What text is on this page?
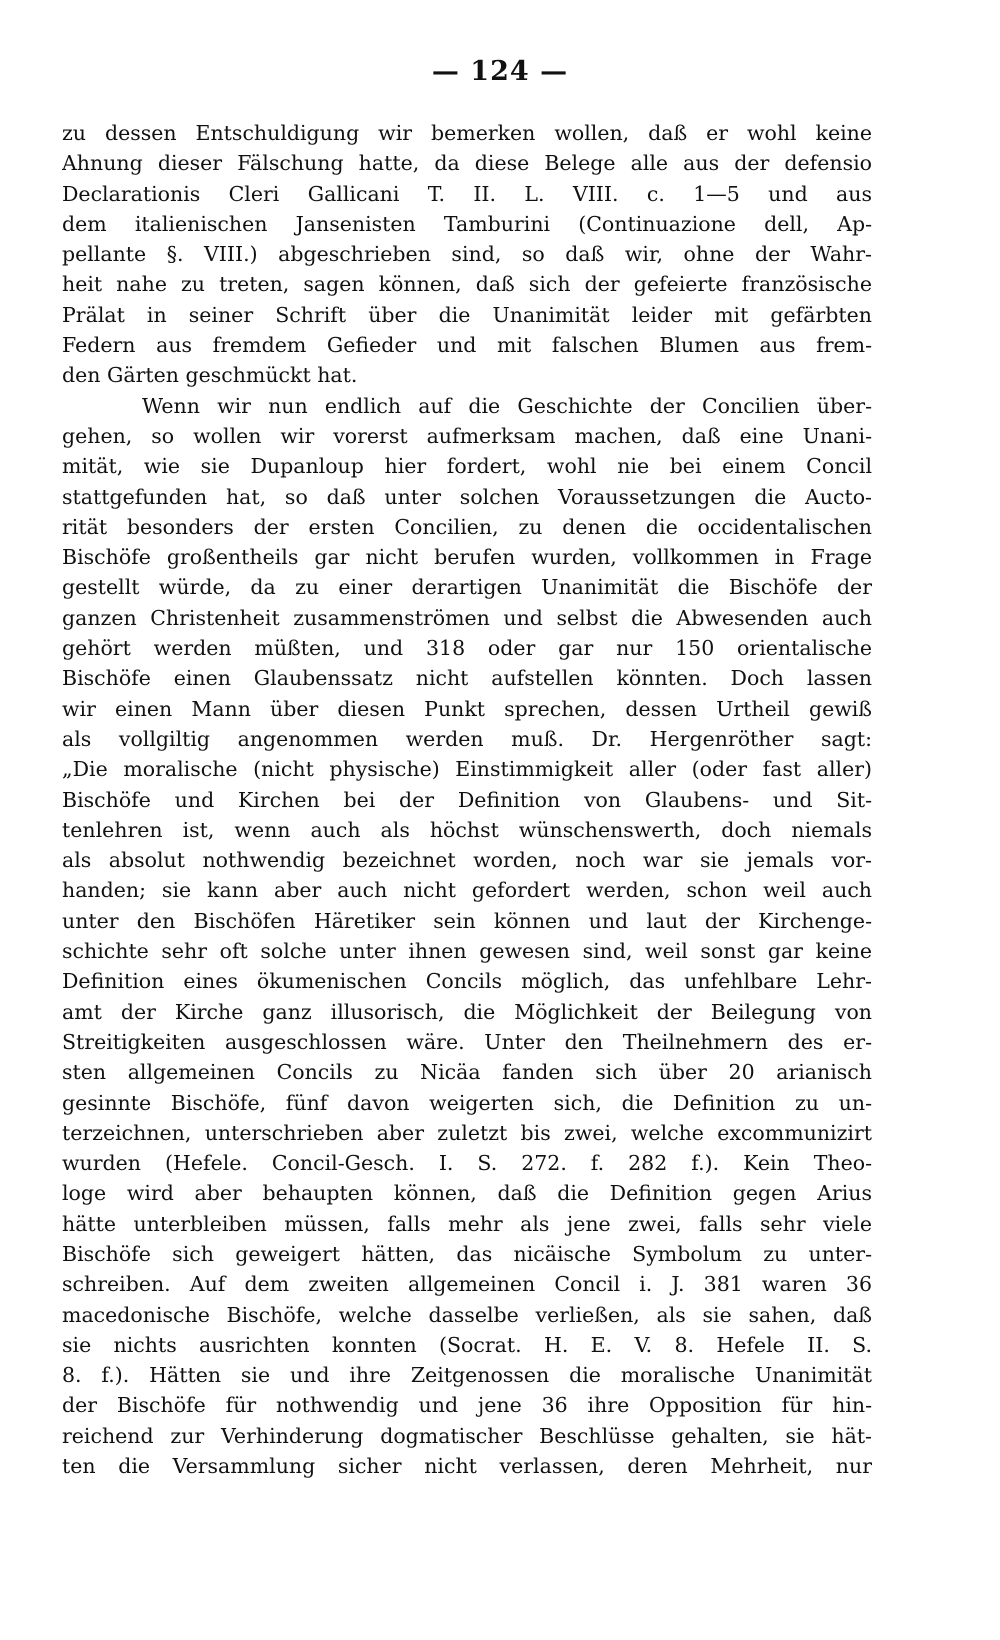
— 124 —
zu dessen Entschuldigung wir bemerken wollen, daß er wohl keine
Ahnung dieser Fälschung hatte, da diese Belege alle aus der defensio
Declarationis Cleri Gallicani T. II. L. VIII. c. 1—5 und aus
dem italienischen Jansenisten Tamburini (Continuazione dell, Ap-
pellante §. VIII.) abgeschrieben sind, so daß wir, ohne der Wahr-
heit nahe zu treten, sagen können, daß sich der gefeierte französische
Prälat in seiner Schrift über die Unanimität leider mit gefärbten
Federn aus fremdem Gefieder und mit falschen Blumen aus frem-
den Gärten geschmückt hat.
Wenn wir nun endlich auf die Geschichte der Concilien über-
gehen, so wollen wir vorerst aufmerksam machen, daß eine Unani-
mität, wie sie Dupanloup hier fordert, wohl nie bei einem Concil
stattgefunden hat, so daß unter solchen Voraussetzungen die Aucto-
rität besonders der ersten Concilien, zu denen die occidentalischen
Bischöfe großentheils gar nicht berufen wurden, vollkommen in Frage
gestellt würde, da zu einer derartigen Unanimität die Bischöfe der
ganzen Christenheit zusammenströmen und selbst die Abwesenden auch
gehört werden müßten, und 318 oder gar nur 150 orientalische
Bischöfe einen Glaubenssatz nicht aufstellen könnten. Doch lassen
wir einen Mann über diesen Punkt sprechen, dessen Urtheil gewiß
als vollgiltig angenommen werden muß. Dr. Hergenröther sagt:
„Die moralische (nicht physische) Einstimmigkeit aller (oder fast aller)
Bischöfe und Kirchen bei der Definition von Glaubens- und Sit-
tenlehren ist, wenn auch als höchst wünschenswerth, doch niemals
als absolut nothwendig bezeichnet worden, noch war sie jemals vor-
handen; sie kann aber auch nicht gefordert werden, schon weil auch
unter den Bischöfen Häretiker sein können und laut der Kirchenge-
schichte sehr oft solche unter ihnen gewesen sind, weil sonst gar keine
Definition eines ökumenischen Concils möglich, das unfehlbare Lehr-
amt der Kirche ganz illusorisch, die Möglichkeit der Beilegung von
Streitigkeiten ausgeschlossen wäre. Unter den Theilnehmern des er-
sten allgemeinen Concils zu Nicäa fanden sich über 20 arianisch
gesinnte Bischöfe, fünf davon weigerten sich, die Definition zu un-
terzeichnen, unterschrieben aber zuletzt bis zwei, welche excommunizirt
wurden (Hefele. Concil-Gesch. I. S. 272. f. 282 f.). Kein Theo-
loge wird aber behaupten können, daß die Definition gegen Arius
hätte unterbleiben müssen, falls mehr als jene zwei, falls sehr viele
Bischöfe sich geweigert hätten, das nicäische Symbolum zu unter-
schreiben. Auf dem zweiten allgemeinen Concil i. J. 381 waren 36
macedonische Bischöfe, welche dasselbe verließen, als sie sahen, daß
sie nichts ausrichten konnten (Socrat. H. E. V. 8. Hefele II. S.
8. f.). Hätten sie und ihre Zeitgenossen die moralische Unanimität
der Bischöfe für nothwendig und jene 36 ihre Opposition für hin-
reichend zur Verhinderung dogmatischer Beschlüsse gehalten, sie hät-
ten die Versammlung sicher nicht verlassen, deren Mehrheit, nur
